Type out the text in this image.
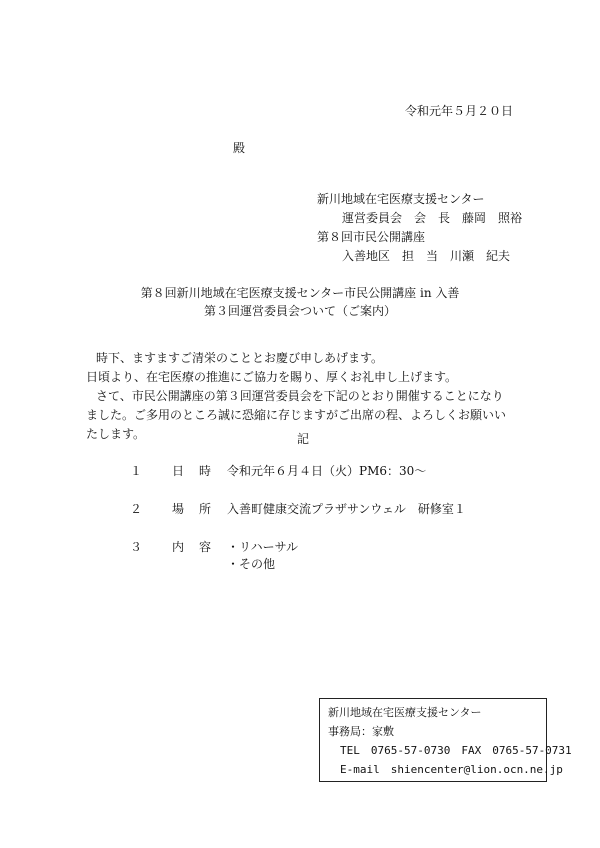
令和元年５月２０日
殿
新川地域在宅医療支援センター
運営委員会　会　長　藤岡　照裕
第８回市民公開講座
入善地区　担　当　川瀬　紀夫
第８回新川地域在宅医療支援センター市民公開講座 in 入善
第３回運営委員会ついて（ご案内）
時下、ますますご清栄のこととお慶び申しあげます。
日頃より、在宅医療の推進にご協力を賜り、厚くお礼申し上げます。
さて、市民公開講座の第３回運営委員会を下記のとおり開催することになり
ました。ご多用のところ誠に恐縮に存じますがご出席の程、よろしくお願いい
たします。	記
１ 日 時 令和元年６月４日（火）PM6：30～
２ 場 所 入善町健康交流プラザサンウェル　研修室１
３ 内 容 ・リハーサル
・その他
新川地域在宅医療支援センター
事務局：家敷
TEL　0765-57-0730　FAX　0765-57-0731
E-mail　shiencenter@lion.ocn.ne.jp
